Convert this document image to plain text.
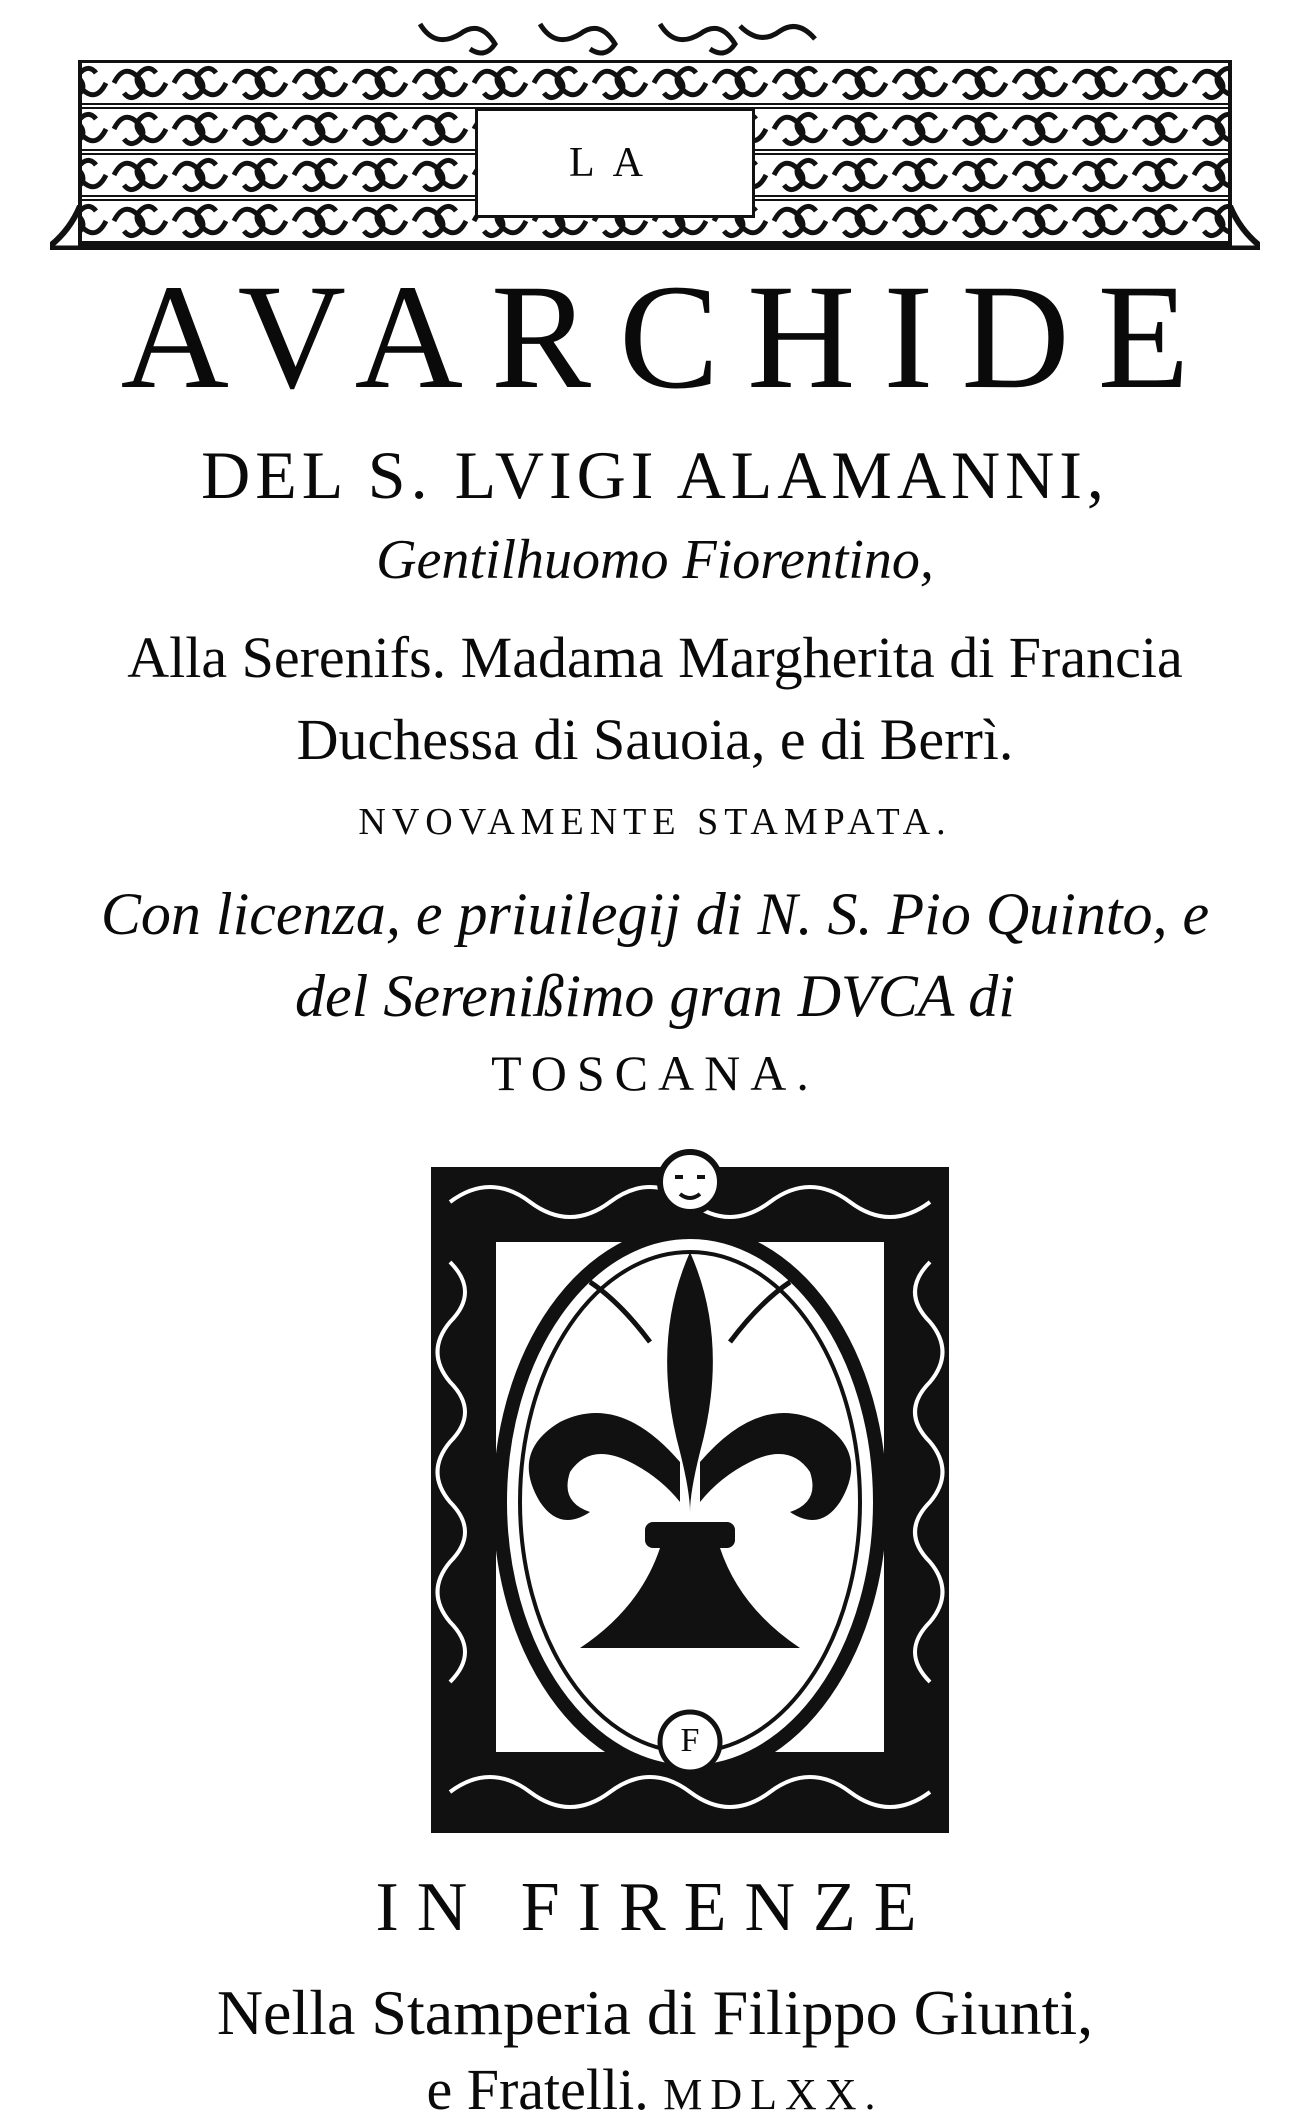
LA
AVARCHIDE
DEL S. LVIGI ALAMANNI,
Gentilhuomo Fiorentino,
Alla Serenifs. Madama Margherita di Francia
Duchessa di Sauoia, e di Berrì.
NVOVAMENTE STAMPATA.
Con licenza, e priuilegij di N. S. Pio Quinto, e
del Serenißimo gran DVCA di
TOSCANA.
F
IN FIRENZE
Nella Stamperia di Filippo Giunti,
e Fratelli. MDLXX.
